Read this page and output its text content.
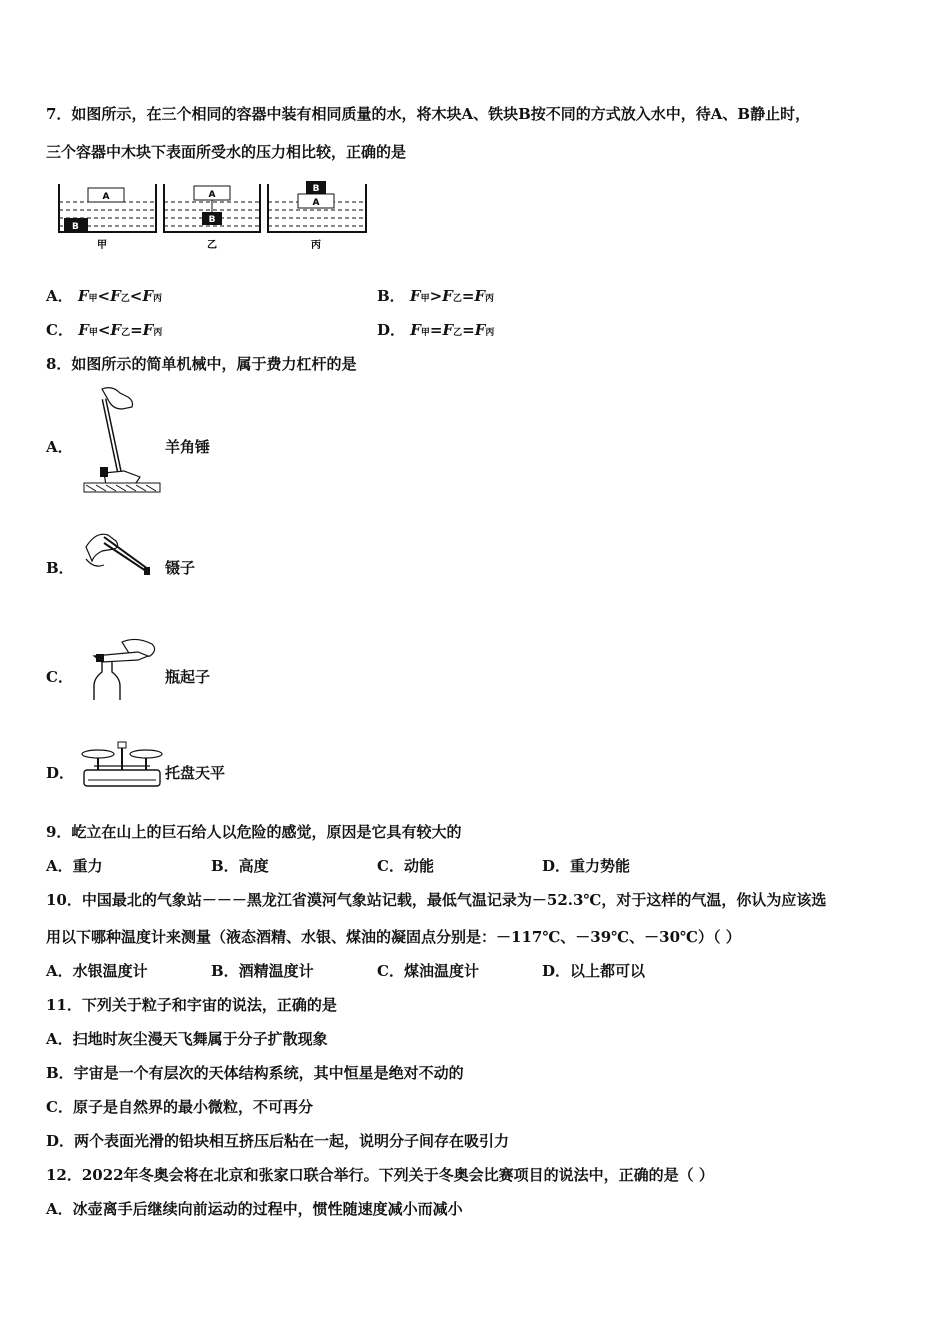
7．如图所示，在三个相同的容器中装有相同质量的水，将木块A、铁块B按不同的方式放入水中，待A、B静止时，
三个容器中木块下表面所受水的压力相比较，正确的是
A
B
甲
A
B
乙
A
B
丙
A． F甲<F乙<F丙	B． F甲>F乙=F丙
C． F甲<F乙=F丙	D． F甲=F乙=F丙
8．如图所示的简单机械中，属于费力杠杆的是
A．	羊角锤
B．	镊子
C．	瓶起子
D．	托盘天平
9．屹立在山上的巨石给人以危险的感觉，原因是它具有较大的
A．重力	B．高度	C．动能	D．重力势能
10．中国最北的气象站－－－黑龙江省漠河气象站记载，最低气温记录为－52.3℃，对于这样的气温，你认为应该选
用以下哪种温度计来测量（液态酒精、水银、煤油的凝固点分别是：－117℃、－39℃、－30℃）（ ）
A．水银温度计	B．酒精温度计	C．煤油温度计	D．以上都可以
11．下列关于粒子和宇宙的说法，正确的是
A．扫地时灰尘漫天飞舞属于分子扩散现象
B．宇宙是一个有层次的天体结构系统，其中恒星是绝对不动的
C．原子是自然界的最小微粒，不可再分
D．两个表面光滑的铅块相互挤压后粘在一起，说明分子间存在吸引力
12．2022年冬奥会将在北京和张家口联合举行。下列关于冬奥会比赛项目的说法中，正确的是（ ）
A．冰壶离手后继续向前运动的过程中，惯性随速度减小而减小
